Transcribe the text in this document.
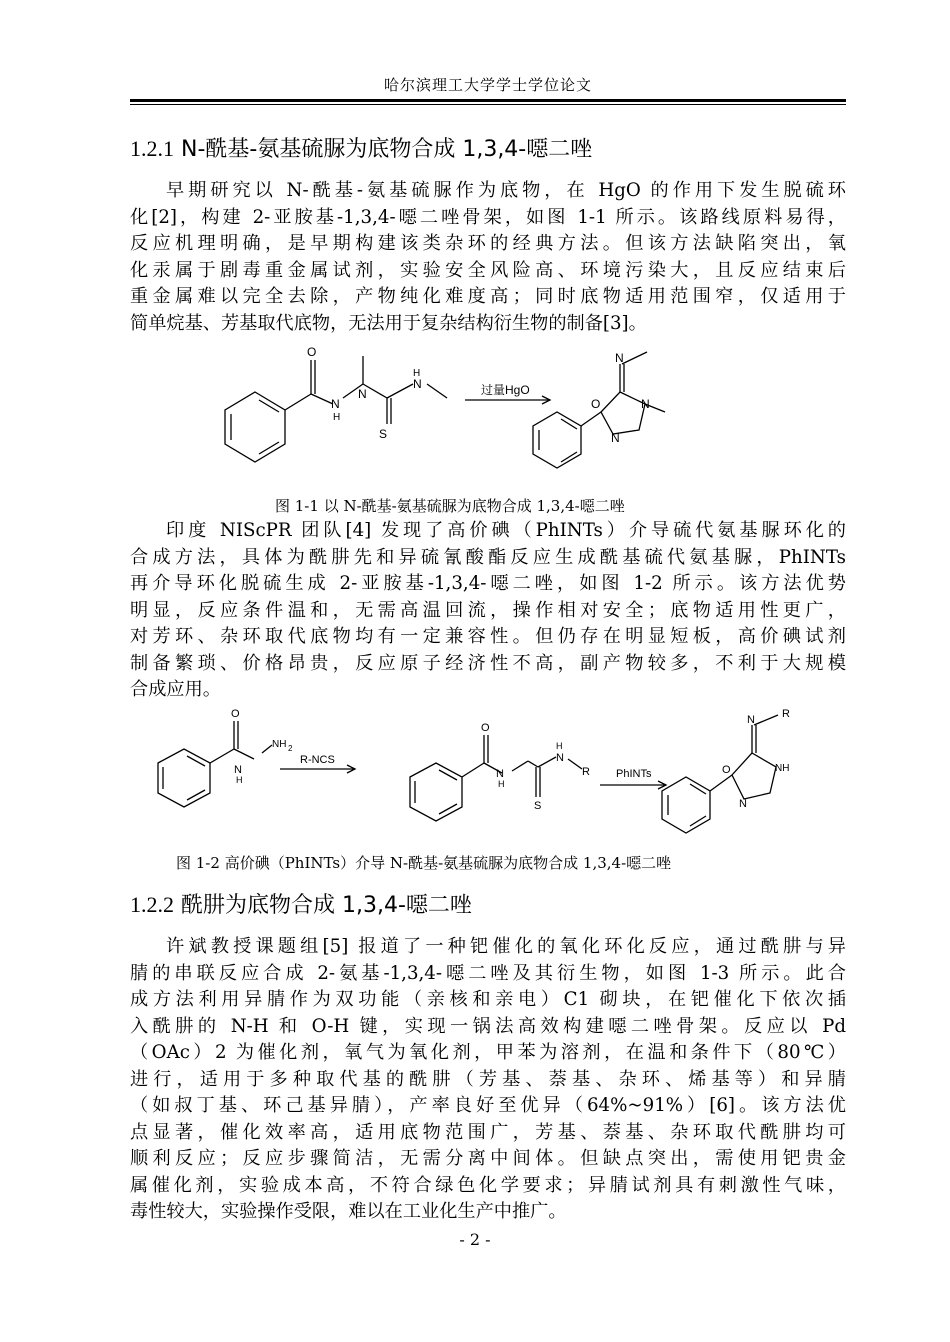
哈尔滨理工大学学士学位论文
1.2.1 N-酰基-氨基硫脲为底物合成 1,3,4-噁二唑
早期研究以 N-酰基-氨基硫脲作为底物，在 HgO 的作用下发生脱硫环
化[2]，构建 2-亚胺基-1,3,4-噁二唑骨架，如图 1-1 所示。该路线原料易得，
反应机理明确，是早期构建该类杂环的经典方法。但该方法缺陷突出，氧
化汞属于剧毒重金属试剂，实验安全风险高、环境污染大，且反应结束后
重金属难以完全去除，产物纯化难度高；同时底物适用范围窄，仅适用于
简单烷基、芳基取代底物，无法用于复杂结构衍生物的制备[3]。
O
N
H
S
N
H
N
N
O	N
N
过量HgO
图 1-1 以 N-酰基-氨基硫脲为底物合成 1,3,4-噁二唑
印度 NIScPR 团队[4] 发现了高价碘（PhINTs）介导硫代氨基脲环化的
合成方法，具体为酰肼先和异硫氰酸酯反应生成酰基硫代氨基脲，PhINTs
再介导环化脱硫生成 2-亚胺基-1,3,4-噁二唑，如图 1-2 所示。该方法优势
明显，反应条件温和，无需高温回流，操作相对安全；底物适用性更广，
对芳环、杂环取代底物均有一定兼容性。但仍存在明显短板，高价碘试剂
制备繁琐、价格昂贵，反应原子经济性不高，副产物较多，不利于大规模
合成应用。
O
N
H
NH 2
O
N
H
S
N
H
R
N R
O	NH
N
R-NCS
PhINTs
图 1-2 高价碘（PhINTs）介导 N-酰基-氨基硫脲为底物合成 1,3,4-噁二唑
1.2.2 酰肼为底物合成 1,3,4-噁二唑
许斌教授课题组[5] 报道了一种钯催化的氧化环化反应，通过酰肼与异
腈的串联反应合成 2-氨基-1,3,4-噁二唑及其衍生物，如图 1-3 所示。此合
成方法利用异腈作为双功能（亲核和亲电）C1 砌块，在钯催化下依次插
入酰肼的 N-H 和 O-H 键，实现一锅法高效构建噁二唑骨架。反应以 Pd
（OAc）2 为催化剂，氧气为氧化剂，甲苯为溶剂，在温和条件下（80℃）
进行，适用于多种取代基的酰肼（芳基、萘基、杂环、烯基等）和异腈
（如叔丁基、环己基异腈），产率良好至优异（64%~91%）[6]。该方法优
点显著，催化效率高，适用底物范围广，芳基、萘基、杂环取代酰肼均可
顺利反应；反应步骤简洁，无需分离中间体。但缺点突出，需使用钯贵金
属催化剂，实验成本高，不符合绿色化学要求；异腈试剂具有刺激性气味，
毒性较大，实验操作受限，难以在工业化生产中推广。
- 2 -
